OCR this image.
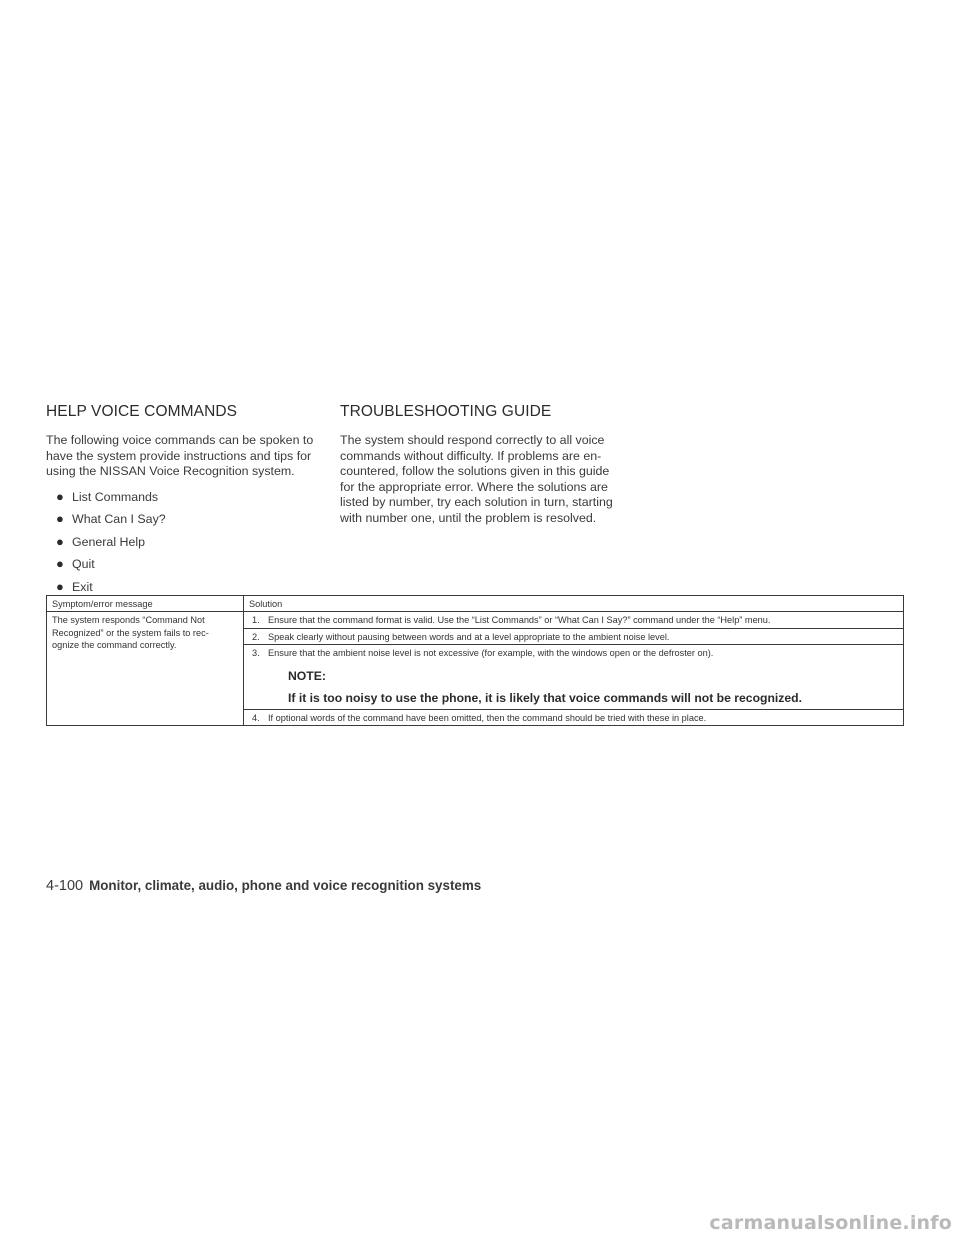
HELP VOICE COMMANDS

The following voice commands can be spoken to
have the system provide instructions and tips for
using the NISSAN Voice Recognition system.

● List Commands
● What Can I Say?
● General Help
● Quit
● Exit
TROUBLESHOOTING GUIDE

The system should respond correctly to all voice
commands without difficulty. If problems are en-
countered, follow the solutions given in this guide
for the appropriate error. Where the solutions are
listed by number, try each solution in turn, starting
with number one, until the problem is resolved.

Symptom/error message	Solution
The system responds “Command Not
Recognized” or the system fails to rec-
ognize the command correctly.	1. Ensure that the command format is valid. Use the “List Commands” or “What Can I Say?” command under the “Help” menu.

	2. Speak clearly without pausing between words and at a level appropriate to the ambient noise level.

	3. Ensure that the ambient noise level is not excessive (for example, with the windows open or the defroster on).
NOTE:
If it is too noisy to use the phone, it is likely that voice commands will not be recognized.

	4. If optional words of the command have been omitted, then the command should be tried with these in place.
4-100 Monitor, climate, audio, phone and voice recognition systems
carmanualsonline.info
